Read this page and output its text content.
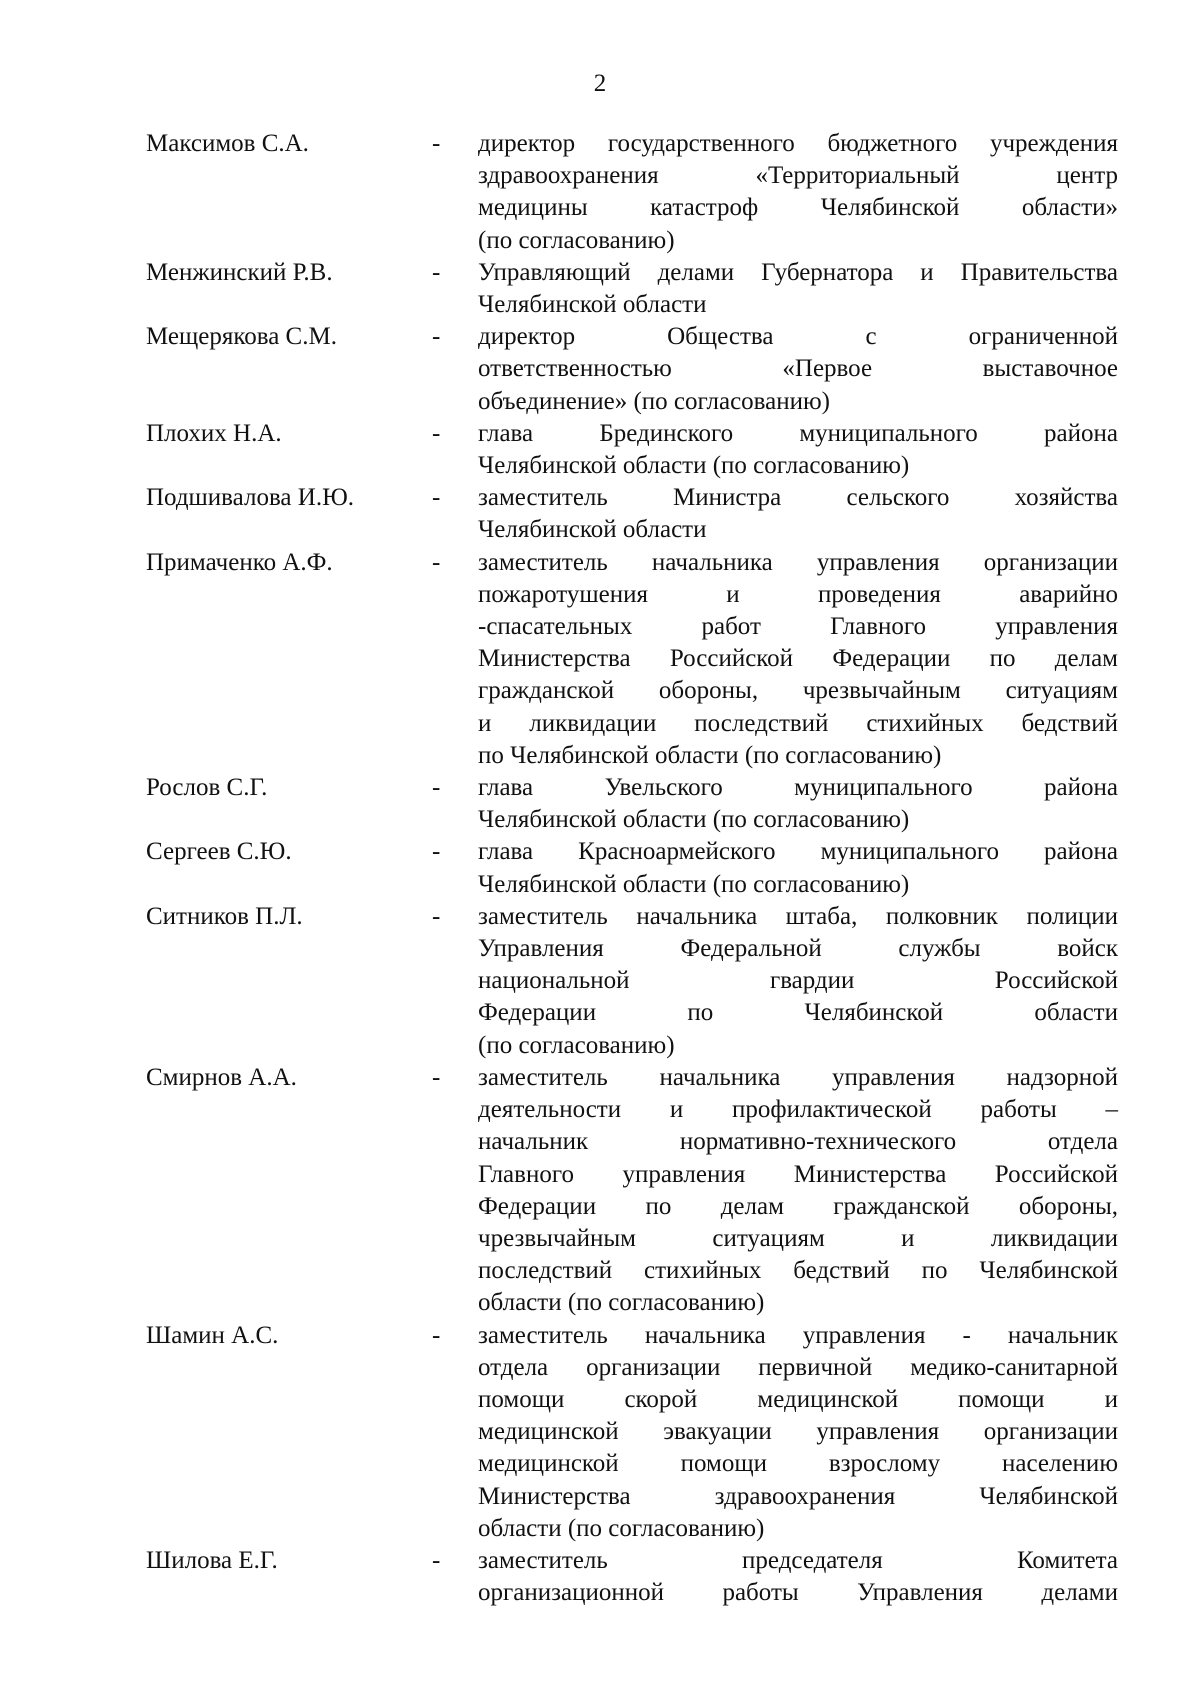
2
Максимов С.А.	-	директор государственного бюджетного учреждения
здравоохранения «Территориальный центр
медицины катастроф Челябинской области»
(по согласованию)
Менжинский Р.В.	-	Управляющий делами Губернатора и Правительства
Челябинской области
Мещерякова С.М.	-	директор Общества с ограниченной
ответственностью «Первое выставочное
объединение» (по согласованию)
Плохих Н.А.	-	глава Брединского муниципального района
Челябинской области (по согласованию)
Подшивалова И.Ю.	-	заместитель Министра сельского хозяйства
Челябинской области
Примаченко А.Ф.	-	заместитель начальника управления организации
пожаротушения и проведения аварийно
-спасательных работ Главного управления
Министерства Российской Федерации по делам
гражданской обороны, чрезвычайным ситуациям
и ликвидации последствий стихийных бедствий
по Челябинской области (по согласованию)
Рослов С.Г.	-	глава Увельского муниципального района
Челябинской области (по согласованию)
Сергеев С.Ю.	-	глава Красноармейского муниципального района
Челябинской области (по согласованию)
Ситников П.Л.	-	заместитель начальника штаба, полковник полиции
Управления Федеральной службы войск
национальной гвардии Российской
Федерации по Челябинской области
(по согласованию)
Смирнов А.А.	-	заместитель начальника управления надзорной
деятельности и профилактической работы –
начальник нормативно-технического отдела
Главного управления Министерства Российской
Федерации по делам гражданской обороны,
чрезвычайным ситуациям и ликвидации
последствий стихийных бедствий по Челябинской
области (по согласованию)
Шамин А.С.	-	заместитель начальника управления - начальник
отдела организации первичной медико-санитарной
помощи скорой медицинской помощи и
медицинской эвакуации управления организации
медицинской помощи взрослому населению
Министерства здравоохранения Челябинской
области (по согласованию)
Шилова Е.Г.	-	заместитель председателя Комитета
организационной работы Управления делами
